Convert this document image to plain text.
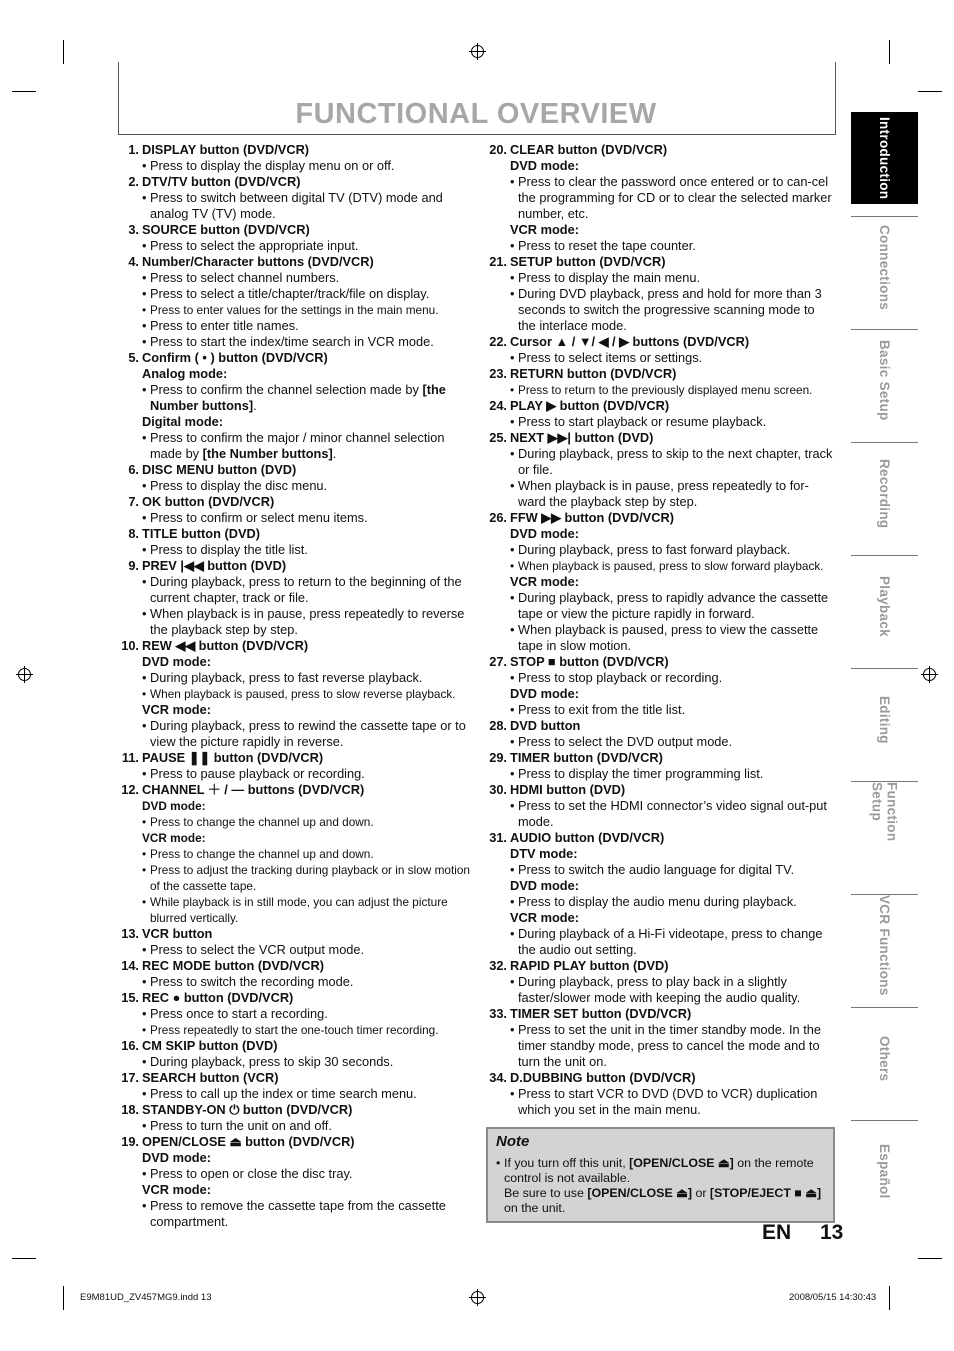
FUNCTIONAL OVERVIEW
1. DISPLAY button (DVD/VCR)
• Press to display the display menu on or off.
2. DTV/TV button (DVD/VCR)
• Press to switch between digital TV (DTV) mode and analog TV (TV) mode.
3. SOURCE button (DVD/VCR)
• Press to select the appropriate input.
4. Number/Character buttons (DVD/VCR)
• Press to select channel numbers.
• Press to select a title/chapter/track/file on display.
• Press to enter values for the settings in the main menu.
• Press to enter title names.
• Press to start the index/time search in VCR mode.
5. Confirm ( • ) button (DVD/VCR)
Analog mode:
• Press to confirm the channel selection made by [the Number buttons].
Digital mode:
• Press to confirm the major / minor channel selection made by [the Number buttons].
6. DISC MENU button (DVD)
• Press to display the disc menu.
7. OK button (DVD/VCR)
• Press to confirm or select menu items.
8. TITLE button (DVD)
• Press to display the title list.
9. PREV |◀◀ button (DVD)
• During playback, press to return to the beginning of the current chapter, track or file.
• When playback is in pause, press repeatedly to reverse the playback step by step.
10. REW ◀◀ button (DVD/VCR)
DVD mode:
• During playback, press to fast reverse playback.
• When playback is paused, press to slow reverse playback.
VCR mode:
• During playback, press to rewind the cassette tape or to view the picture rapidly in reverse.
11. PAUSE ❚❚ button (DVD/VCR)
• Press to pause playback or recording.
12. CHANNEL ＋ / — buttons (DVD/VCR)
DVD mode:
• Press to change the channel up and down.
VCR mode:
• Press to change the channel up and down.
• Press to adjust the tracking during playback or in slow motion of the cassette tape.
• While playback is in still mode, you can adjust the picture blurred vertically.
13. VCR button
• Press to select the VCR output mode.
14. REC MODE button (DVD/VCR)
• Press to switch the recording mode.
15. REC ● button (DVD/VCR)
• Press once to start a recording.
• Press repeatedly to start the one-touch timer recording.
16. CM SKIP button (DVD)
• During playback, press to skip 30 seconds.
17. SEARCH button (VCR)
• Press to call up the index or time search menu.
18. STANDBY-ON ⏻ button (DVD/VCR)
• Press to turn the unit on and off.
19. OPEN/CLOSE ⏏ button (DVD/VCR)
DVD mode:
• Press to open or close the disc tray.
VCR mode:
• Press to remove the cassette tape from the cassette compartment.
20. CLEAR button (DVD/VCR)
DVD mode:
• Press to clear the password once entered or to can-cel the programming for CD or to clear the selected marker number, etc.
VCR mode:
• Press to reset the tape counter.
21. SETUP button (DVD/VCR)
• Press to display the main menu.
• During DVD playback, press and hold for more than 3 seconds to switch the progressive scanning mode to the interlace mode.
22. Cursor ▲ / ▼/ ◀ / ▶ buttons (DVD/VCR)
• Press to select items or settings.
23. RETURN button (DVD/VCR)
• Press to return to the previously displayed menu screen.
24. PLAY ▶ button (DVD/VCR)
• Press to start playback or resume playback.
25. NEXT ▶▶| button (DVD)
• During playback, press to skip to the next chapter, track or file.
• When playback is in pause, press repeatedly to for-ward the playback step by step.
26. FFW ▶▶ button (DVD/VCR)
DVD mode:
• During playback, press to fast forward playback.
• When playback is paused, press to slow forward playback.
VCR mode:
• During playback, press to rapidly advance the cassette tape or view the picture rapidly in forward.
• When playback is paused, press to view the cassette tape in slow motion.
27. STOP ■ button (DVD/VCR)
• Press to stop playback or recording.
DVD mode:
• Press to exit from the title list.
28. DVD button
• Press to select the DVD output mode.
29. TIMER button (DVD/VCR)
• Press to display the timer programming list.
30. HDMI button (DVD)
• Press to set the HDMI connector’s video signal out-put mode.
31. AUDIO button (DVD/VCR)
DTV mode:
• Press to switch the audio language for digital TV.
DVD mode:
• Press to display the audio menu during playback.
VCR mode:
• During playback of a Hi-Fi videotape, press to change the audio out setting.
32. RAPID PLAY button (DVD)
• During playback, press to play back in a slightly faster/slower mode with keeping the audio quality.
33. TIMER SET button (DVD/VCR)
• Press to set the unit in the timer standby mode. In the timer standby mode, press to cancel the mode and to turn the unit on.
34. D.DUBBING button (DVD/VCR)
• Press to start VCR to DVD (DVD to VCR) duplication which you set in the main menu.
Note
• If you turn off this unit, [OPEN/CLOSE ⏏] on the remote control is not available.
Be sure to use [OPEN/CLOSE ⏏] or [STOP/EJECT ■ ⏏] on the unit.
Introduction
Connections
Basic Setup
Recording
Playback
Editing
Function Setup
VCR Functions
Others
Español
EN 13
E9M81UD_ZV457MG9.indd 13	2008/05/15 14:30:43
